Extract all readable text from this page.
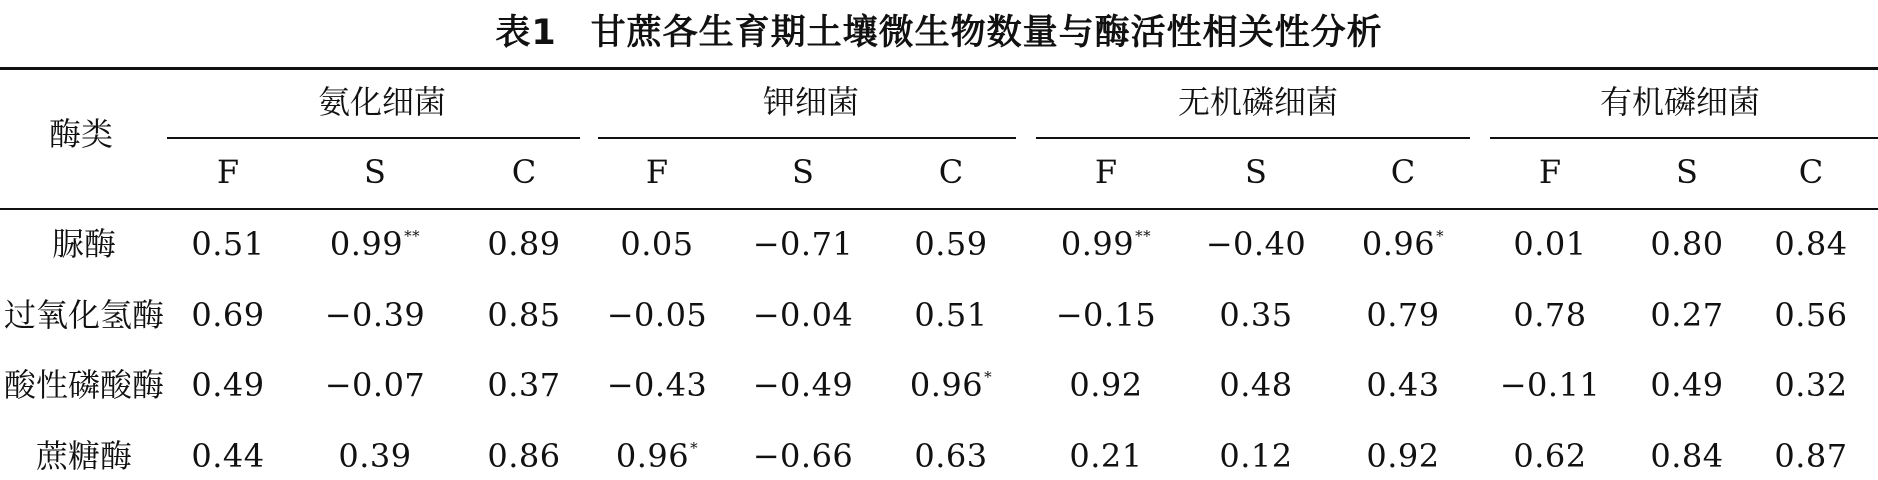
表1 甘蔗各生育期土壤微生物数量与酶活性相关性分析
酶类
氨化细菌	钾细菌	无机磷细菌	有机磷细菌
F	S	C	F	S	C	F	S	C	F	S	C
脲酶	0.51	0.99**	0.89	0.05	−0.71	0.59	0.99**	−0.40	0.96*	0.01	0.80	0.84
过氧化氢酶 0.69	−0.39	0.85	−0.05	−0.04	0.51	−0.15	0.35	0.79	0.78	0.27	0.56
酸性磷酸酶 0.49	−0.07	0.37	−0.43	−0.49	0.96*	0.92	0.48	0.43	−0.11	0.49	0.32
蔗糖酶	0.44	0.39	0.86	0.96*	−0.66	0.63	0.21	0.12	0.92	0.62	0.84	0.87
